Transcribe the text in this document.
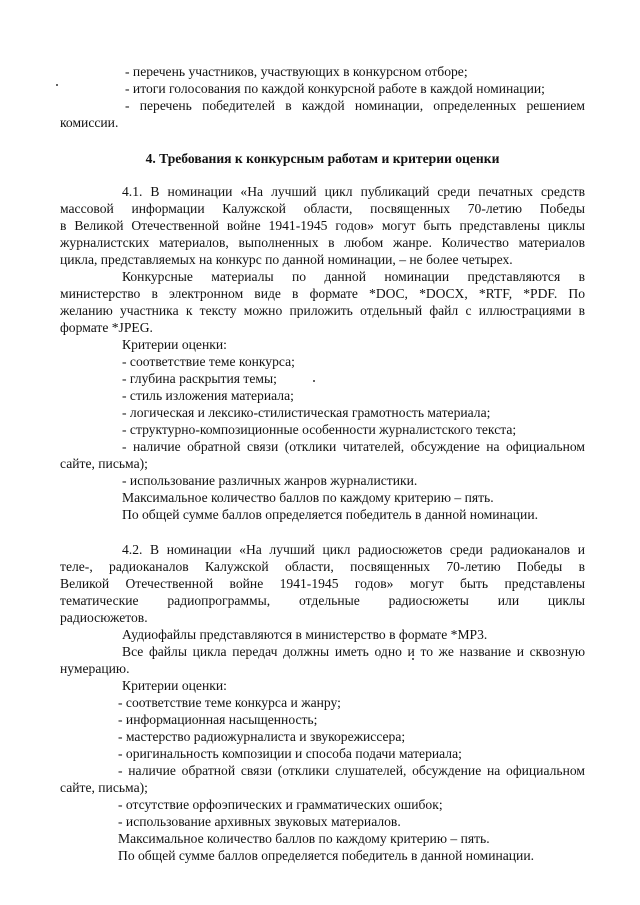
- перечень участников, участвующих в конкурсном отборе;
- итоги голосования по каждой конкурсной работе в каждой номинации;
- перечень победителей в каждой номинации, определенных решением
комиссии.
4. Требования к конкурсным работам и критерии оценки
4.1. В номинации «На лучший цикл публикаций среди печатных средств
массовой информации Калужской области, посвященных 70-летию Победы
в Великой Отечественной войне 1941-1945 годов» могут быть представлены циклы
журналистских материалов, выполненных в любом жанре. Количество материалов
цикла, представляемых на конкурс по данной номинации, – не более четырех.
Конкурсные материалы по данной номинации представляются в
министерство в электронном виде в формате *DOC, *DOCX, *RTF, *PDF. По
желанию участника к тексту можно приложить отдельный файл с иллюстрациями в
формате *JPEG.
Критерии оценки:
- соответствие теме конкурса;
- глубина раскрытия темы;
- стиль изложения материала;
- логическая и лексико-стилистическая грамотность материала;
- структурно-композиционные особенности журналистского текста;
- наличие обратной связи (отклики читателей, обсуждение на официальном
сайте, письма);
- использование различных жанров журналистики.
Максимальное количество баллов по каждому критерию – пять.
По общей сумме баллов определяется победитель в данной номинации.
4.2. В номинации «На лучший цикл радиосюжетов среди радиоканалов и
теле-, радиоканалов Калужской области, посвященных 70-летию Победы в
Великой Отечественной войне 1941-1945 годов» могут быть представлены
тематические радиопрограммы, отдельные радиосюжеты или циклы
радиосюжетов.
Аудиофайлы представляются в министерство в формате *МР3.
Все файлы цикла передач должны иметь одно и то же название и сквозную
нумерацию.
Критерии оценки:
- соответствие теме конкурса и жанру;
- информационная насыщенность;
- мастерство радиожурналиста и звукорежиссера;
- оригинальность композиции и способа подачи материала;
- наличие обратной связи (отклики слушателей, обсуждение на официальном
сайте, письма);
- отсутствие орфоэпических и грамматических ошибок;
- использование архивных звуковых материалов.
Максимальное количество баллов по каждому критерию – пять.
По общей сумме баллов определяется победитель в данной номинации.
